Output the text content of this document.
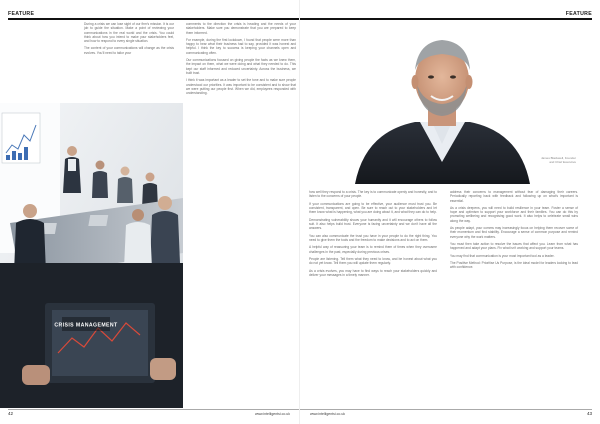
FEATURE

During a crisis we can lose sight of our firm's mission. It is our job to guide the situation. Make a point of reviewing your communications in the real world and the crisis. You could think about how you intend to make your stakeholders feel, and how to respond to every single situation.

The content of your communications will change as the crisis evolves. You'll need to tailor your

comments to the direction the crisis is heading and the needs of your stakeholders. Make sure you demonstrate that you are prepared to keep them informed.

For example, during the first lockdown, I found that people were more than happy to hear what their business had to say, provided it was honest and helpful. I think the key to success is keeping your channels open and communicating often.

Our communications focused on giving people the facts as we knew them, the impact on them, what we were doing and what they needed to do. This kept our staff informed and reduced uncertainty. Across the business, we built trust.

I think it was important as a leader to set the tone and to make sure people understood our priorities. It was important to be consistent and to show that we were putting our people first. When we did, employees responded with understanding.

CRISIS MANAGEMENT
42	www.intelligentsi.co.uk
FEATURE
James Blackwell, Founder
and Chief Executive

how well they respond to a crisis. The key is to communicate openly and honestly, and to listen to the concerns of your people.

If your communications are going to be effective, your audience must trust you. Be consistent, transparent, and open. Be sure to reach out to your stakeholders and let them know what is happening, what you are doing about it, and what they can do to help.

Demonstrating vulnerability shows your humanity and it will encourage others to follow suit. It also helps build trust. Everyone is facing uncertainty and we don't have all the answers.

You can also communicate the trust you have in your people to do the right thing. You need to give them the tools and the freedom to make decisions and to act on them.

A helpful way of reassuring your team is to remind them of times when they overcame challenges in the past, especially during previous crises.

People are listening. Tell them what they need to know, and be honest about what you do not yet know. Tell them you will update them regularly.

As a crisis evolves, you may have to find ways to reach your stakeholders quickly and deliver your messages in a timely manner.

address their concerns to management without fear of damaging their careers. Periodically reporting back with feedback and following up on what's important is essential.

As a crisis deepens, you will need to build resilience in your team. Foster a sense of hope and optimism to support your workforce and their families. You can do this by promoting wellbeing and recognising good work. It also helps to celebrate small wins along the way.

As people adapt, your comms may increasingly focus on helping them recover some of their momentum and find stability. Encourage a sense of common purpose and remind everyone why the work matters.

You must then take action to resolve the issues that affect you. Learn from what has happened and adapt your plans. Fix what isn't working and support your teams.

You may find that communication is your most important tool as a leader.

The Positive Method: Prioritise Us Purpose, is the ideal model for leaders looking to lead with confidence.

43
www.intelligentsi.co.uk
